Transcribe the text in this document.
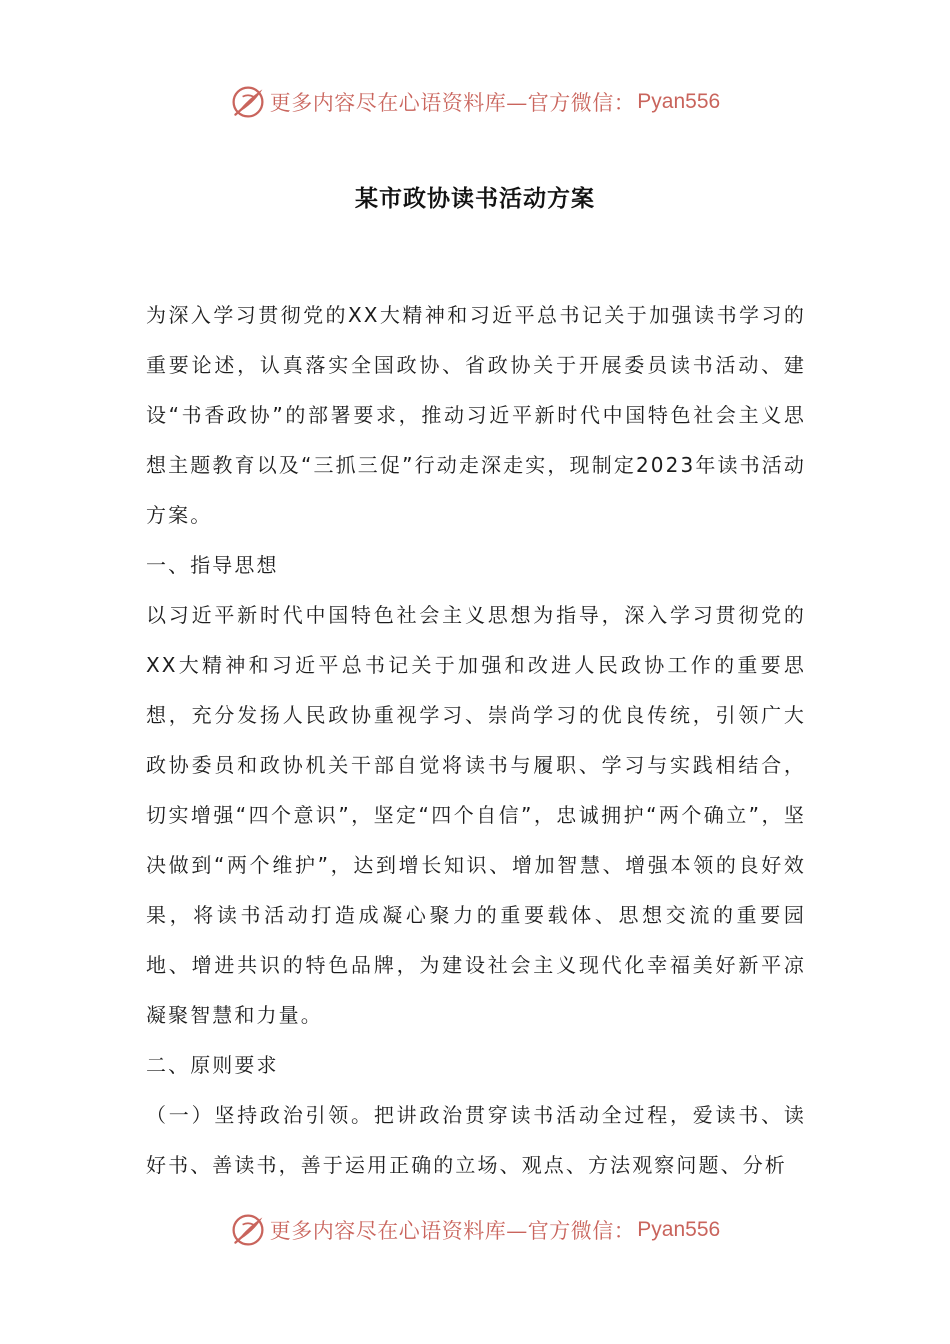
更多内容尽在心语资料库—官方微信： Pyan556
某市政协读书活动方案

为深入学习贯彻党的XX大精神和习近平总书记关于加强读书学习的重要论述，认真落实全国政协、省政协关于开展委员读书活动、建设“书香政协”的部署要求，推动习近平新时代中国特色社会主义思想主题教育以及“三抓三促”行动走深走实，现制定2023年读书活动方案。

一、指导思想

以习近平新时代中国特色社会主义思想为指导，深入学习贯彻党的XX大精神和习近平总书记关于加强和改进人民政协工作的重要思想，充分发扬人民政协重视学习、崇尚学习的优良传统，引领广大政协委员和政协机关干部自觉将读书与履职、学习与实践相结合，切实增强“四个意识”，坚定“四个自信”，忠诚拥护“两个确立”，坚决做到“两个维护”，达到增长知识、增加智慧、增强本领的良好效果，将读书活动打造成凝心聚力的重要载体、思想交流的重要园地、增进共识的特色品牌，为建设社会主义现代化幸福美好新平凉凝聚智慧和力量。

二、原则要求

（一）坚持政治引领。把讲政治贯穿读书活动全过程，爱读书、读好书、善读书，善于运用正确的立场、观点、方法观察问题、分析

更多内容尽在心语资料库—官方微信： Pyan556
